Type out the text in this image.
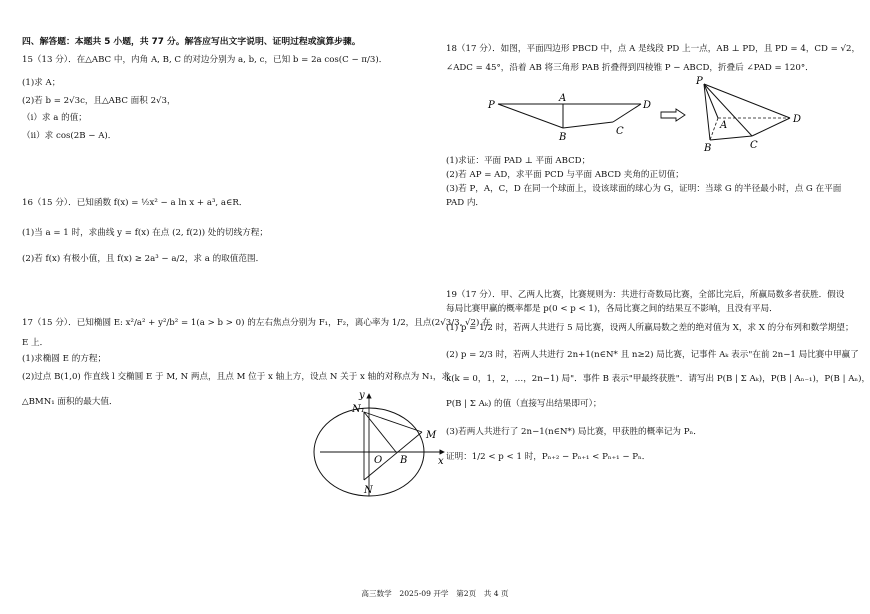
四、解答题：本题共 5 小题，共 77 分。解答应写出文字说明、证明过程或演算步骤。
15（13 分）．在△ABC 中，内角 A, B, C 的对边分别为 a, b, c，已知 b = 2a cos(C − π/3)．
(1)求 A；
(2)若 b = 2√3c，且△ABC 面积 2√3，
（i）求 a 的值；
（ii）求 cos(2B − A)．
16（15 分）．已知函数 f(x) = ½x² − a ln x + a³, a∈R．
(1)当 a = 1 时，求曲线 y = f(x) 在点 (2, f(2)) 处的切线方程；
(2)若 f(x) 有极小值，且 f(x) ≥ 2a³ − a/2，求 a 的取值范围．
17（15 分）．已知椭圆 E: x²/a² + y²/b² = 1(a > b > 0) 的左右焦点分别为 F₁，F₂，离心率为 1/2，且点(2√3/3, √2) 在
E 上．
(1)求椭圆 E 的方程；
(2)过点 B(1,0) 作直线 l 交椭圆 E 于 M, N 两点，且点 M 位于 x 轴上方，设点 N 关于 x 轴的对称点为 N₁，求
△BMN₁ 面积的最大值．
N₁
M
O B
N
x
y
18（17 分）．如图，平面四边形 PBCD 中，点 A 是线段 PD 上一点，AB ⊥ PD，且 PD = 4，CD = √2，
∠ADC = 45°，沿着 AB 将三角形 PAB 折叠得到四棱锥 P − ABCD，折叠后 ∠PAD = 120°．
P
A
D
B
C
P
A
B	C
D
(1)求证：平面 PAD ⊥ 平面 ABCD；
(2)若 AP = AD，求平面 PCD 与平面 ABCD 夹角的正切值；
(3)若 P，A，C，D 在同一个球面上，设该球面的球心为 G，证明：当球 G 的半径最小时，点 G 在平面
PAD 内．
19（17 分）．甲、乙两人比赛，比赛规则为：共进行奇数局比赛，全部比完后，所赢局数多者获胜．假设
每局比赛甲赢的概率都是 p(0 < p < 1)，各局比赛之间的结果互不影响，且没有平局．
(1) p = 1/2 时，若两人共进行 5 局比赛，设两人所赢局数之差的绝对值为 X，求 X 的分布列和数学期望；
(2) p = 2/3 时，若两人共进行 2n+1(n∈N* 且 n≥2) 局比赛，记事件 Aₖ 表示"在前 2n−1 局比赛中甲赢了
k(k = 0，1，2，…，2n−1) 局"．事件 B 表示"甲最终获胜"．请写出 P(B | Σ Aₖ)，P(B | Aₙ₋₁)，P(B | Aₙ)，
P(B | Σ Aₖ) 的值（直接写出结果即可）；
(3)若两人共进行了 2n−1(n∈N*) 局比赛，甲获胜的概率记为 Pₙ．
证明：1/2 < p < 1 时，Pₙ₊₂ − Pₙ₊₁ < Pₙ₊₁ − Pₙ．
高三数学　2025-09 开学　第2页　共 4 页
